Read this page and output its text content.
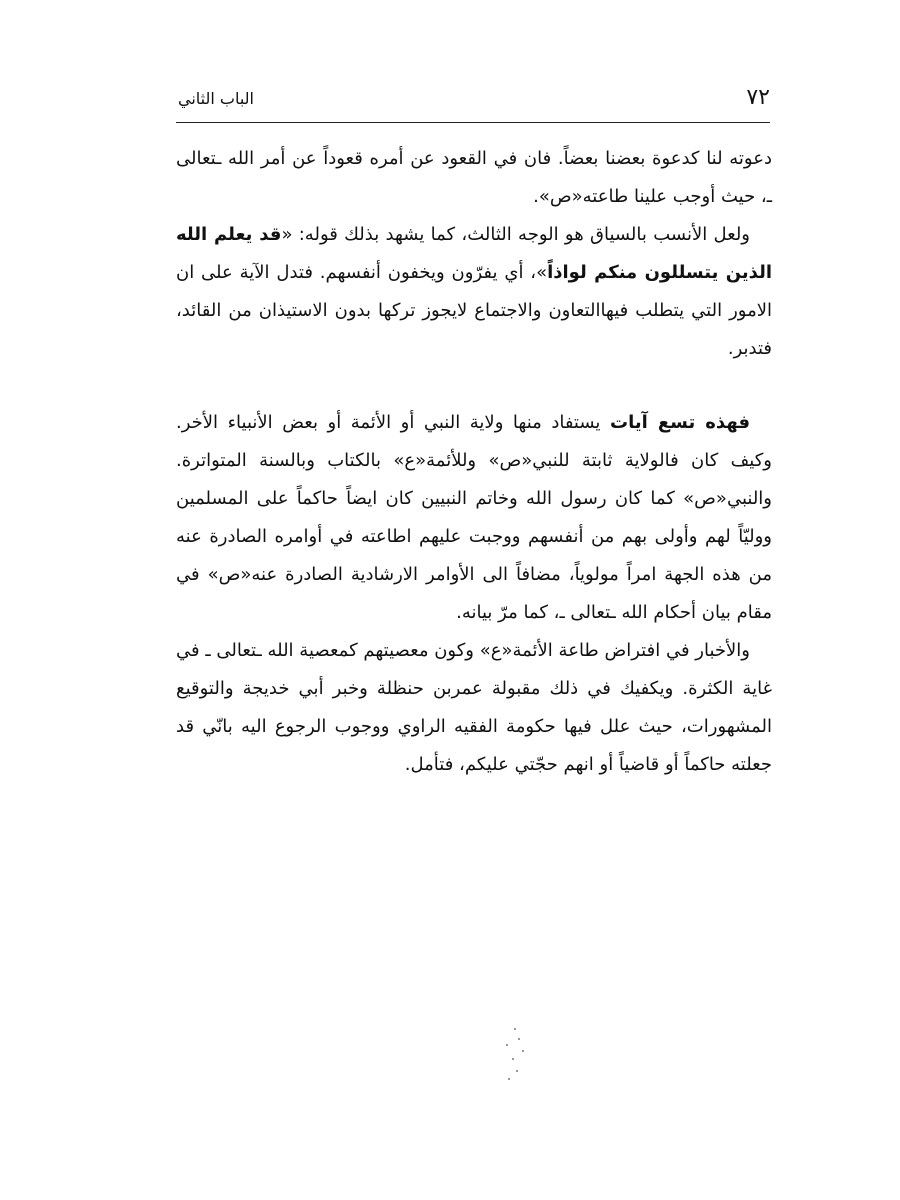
٧٢
الباب الثاني

دعوته لنا كدعوة بعضنا بعضاً. فان في القعود عن أمره قعوداً عن أمر الله ـتعالى ـ، حيث أوجب علينا طاعته«ص».

ولعل الأنسب بالسياق هو الوجه الثالث، كما يشهد بذلك قوله: «قد يعلم الله الذين يتسللون منكم لواذاً»، أي يفرّون ويخفون أنفسهم. فتدل الآية على ان الامور التي يتطلب فيهاالتعاون والاجتماع لايجوز تركها بدون الاستيذان من القائد، فتدبر.

فهذه تسع آيات يستفاد منها ولاية النبي أو الأئمة أو بعض الأنبياء الأخر. وكيف كان فالولاية ثابتة للنبي«ص» وللأئمة«ع» بالكتاب وبالسنة المتواترة. والنبي«ص» كما كان رسول الله وخاتم النبيين كان ايضاً حاكماً على المسلمين ووليّاً لهم وأولى بهم من أنفسهم ووجبت عليهم اطاعته في أوامره الصادرة عنه من هذه الجهة امراً مولوياً، مضافاً الى الأوامر الارشادية الصادرة عنه«ص» في مقام بيان أحكام الله ـتعالى ـ، كما مرّ بيانه.

والأخبار في افتراض طاعة الأئمة«ع» وكون معصيتهم كمعصية الله ـتعالى ـ في غاية الكثرة. ويكفيك في ذلك مقبولة عمربن حنظلة وخبر أبي خديجة والتوقيع المشهورات، حيث علل فيها حكومة الفقيه الراوي ووجوب الرجوع اليه بانّي قد جعلته حاكماً أو قاضياً أو انهم حجّتي عليكم، فتأمل.
